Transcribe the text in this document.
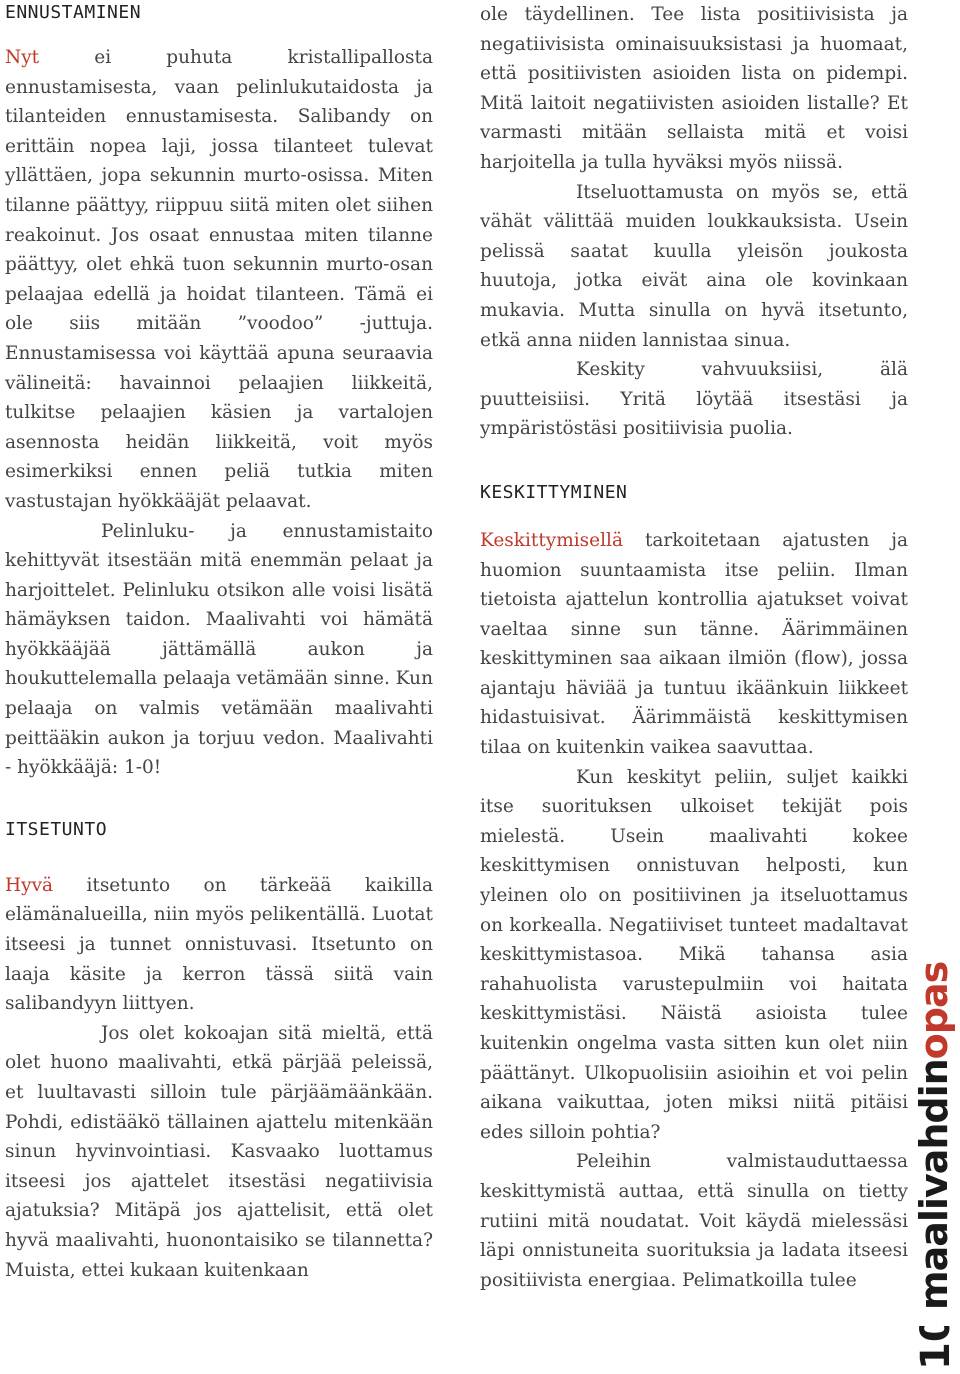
ENNUSTAMINEN

Nyt ei puhuta kristallipallosta ennustamisesta, vaan pelinlukutaidosta ja tilanteiden ennustamisesta. Salibandy on erittäin nopea laji, jossa tilanteet tulevat yllättäen, jopa sekunnin murto-osissa. Miten tilanne päättyy, riippuu siitä miten olet siihen reakoinut. Jos osaat ennustaa miten tilanne päättyy, olet ehkä tuon sekunnin murto-osan pelaajaa edellä ja hoidat tilanteen. Tämä ei ole siis mitään ”voodoo” -juttuja. Ennustamisessa voi käyttää apuna seuraavia välineitä: havainnoi pelaajien liikkeitä, tulkitse pelaajien käsien ja vartalojen asennosta heidän liikkeitä, voit myös esimerkiksi ennen peliä tutkia miten vastustajan hyökkääjät pelaavat.

Pelinluku- ja ennustamistaito kehittyvät itsestään mitä enemmän pelaat ja harjoittelet. Pelinluku otsikon alle voisi lisätä hämäyksen taidon. Maalivahti voi hämätä hyökkääjää jättämällä aukon ja houkuttelemalla pelaaja vetämään sinne. Kun pelaaja on valmis vetämään maalivahti peittääkin aukon ja torjuu vedon. Maalivahti - hyökkääjä: 1-0!

ITSETUNTO

Hyvä itsetunto on tärkeää kaikilla elämänalueilla, niin myös pelikentällä. Luotat itseesi ja tunnet onnistuvasi. Itsetunto on laaja käsite ja kerron tässä siitä vain salibandyyn liittyen.

Jos olet kokoajan sitä mieltä, että olet huono maalivahti, etkä pärjää peleissä, et luultavasti silloin tule pärjäämäänkään. Pohdi, edistääkö tällainen ajattelu mitenkään sinun hyvinvointiasi. Kasvaako luottamus itseesi jos ajattelet itsestäsi negatiivisia ajatuksia? Mitäpä jos ajattelisit, että olet hyvä maalivahti, huonontaisiko se tilannetta? Muista, ettei kukaan kuitenkaan

ole täydellinen. Tee lista positiivisista ja negatiivisista ominaisuuksistasi ja huomaat, että positiivisten asioiden lista on pidempi. Mitä laitoit negatiivisten asioiden listalle? Et varmasti mitään sellaista mitä et voisi harjoitella ja tulla hyväksi myös niissä.

Itseluottamusta on myös se, että vähät välittää muiden loukkauksista. Usein pelissä saatat kuulla yleisön joukosta huutoja, jotka eivät aina ole kovinkaan mukavia. Mutta sinulla on hyvä itsetunto, etkä anna niiden lannistaa sinua.

Keskity vahvuuksiisi, älä puutteisiisi. Yritä löytää itsestäsi ja ympäristöstäsi positiivisia puolia.

KESKITTYMINEN

Keskittymisellä tarkoitetaan ajatusten ja huomion suuntaamista itse peliin. Ilman tietoista ajattelun kontrollia ajatukset voivat vaeltaa sinne sun tänne. Äärimmäinen keskittyminen saa aikaan ilmiön (flow), jossa ajantaju häviää ja tuntuu ikäänkuin liikkeet hidastuisivat. Äärimmäistä keskittymisen tilaa on kuitenkin vaikea saavuttaa.

Kun keskityt peliin, suljet kaikki itse suorituksen ulkoiset tekijät pois mielestä. Usein maalivahti kokee keskittymisen onnistuvan helposti, kun yleinen olo on positiivinen ja itseluottamus on korkealla. Negatiiviset tunteet madaltavat keskittymistasoa. Mikä tahansa asia rahahuolista varustepulmiin voi haitata keskittymistäsi. Näistä asioista tulee kuitenkin ongelma vasta sitten kun olet niin päättänyt. Ulkopuolisiin asioihin et voi pelin aikana vaikuttaa, joten miksi niitä pitäisi edes silloin pohtia?

Peleihin valmistauduttaessa keskittymistä auttaa, että sinulla on tietty rutiini mitä noudatat. Voit käydä mielessäsi läpi onnistuneita suorituksia ja ladata itseesi positiivista energiaa. Pelimatkoilla tulee	maalivahdinopas
10
